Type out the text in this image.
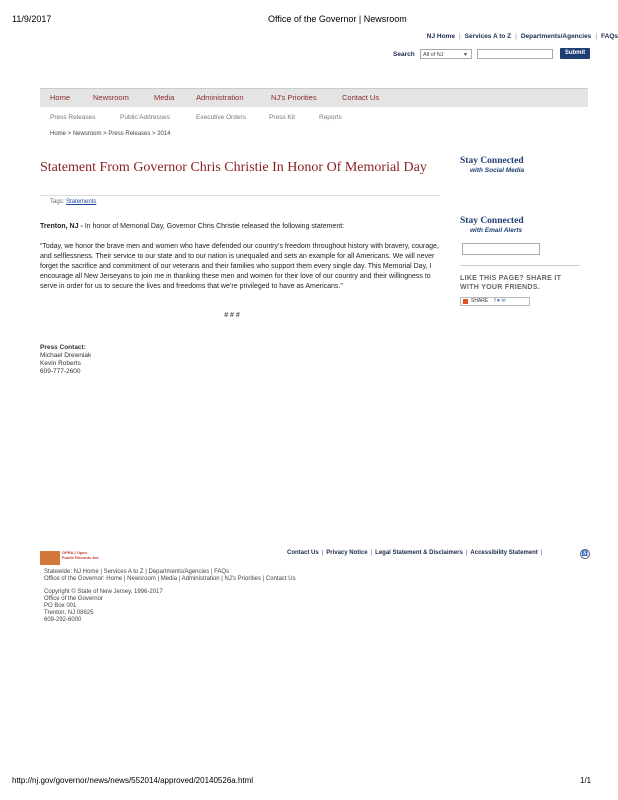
11/9/2017	Office of the Governor | Newsroom
NJ Home | Services A to Z | Departments/Agencies | FAQs
Search	All of NJ	▼	Submit
Home	Newsroom	Media	Administration	NJ's Priorities	Contact Us
Press Releases	Public Addresses	Executive Orders	Press Kit	Reports
Home > Newsroom > Press Releases > 2014
Statement From Governor Chris Christie In Honor Of Memorial Day
Tags: Statements
Trenton, NJ - In honor of Memorial Day, Governor Chris Christie released the following statement:
“Today, we honor the brave men and women who have defended our country’s freedom throughout history with bravery, courage, and selflessness. Their service to our state and to our nation is unequaled and sets an example for all Americans. We will never forget the sacrifice and commitment of our veterans and their families who support them every single day. This Memorial Day, I encourage all New Jerseyans to join me in thanking these men and women for their love of our country and their willingness to serve in order for us to secure the lives and freedoms that we’re privileged to have as Americans.”
# # #
Press Contact:
Michael Drewniak
Kevin Roberts
609-777-2600
Stay Connected
with Social Media
Stay Connected
with Email Alerts
LIKE THIS PAGE? SHARE IT WITH YOUR FRIENDS.
SHARE f ♥ ✉
OPRA | Open
Public Records Act
Contact Us | Privacy Notice | Legal Statement & Disclaimers | Accessibility Statement |	♿
Statewide: NJ Home | Services A to Z | Departments/Agencies | FAQs
Office of the Governor: Home | Newsroom | Media | Administration | NJ's Priorities | Contact Us
Copyright © State of New Jersey, 1996-2017
Office of the Governor
PO Box 001
Trenton, NJ 08625
609-292-6000
http://nj.gov/governor/news/news/552014/approved/20140526a.html	1/1
